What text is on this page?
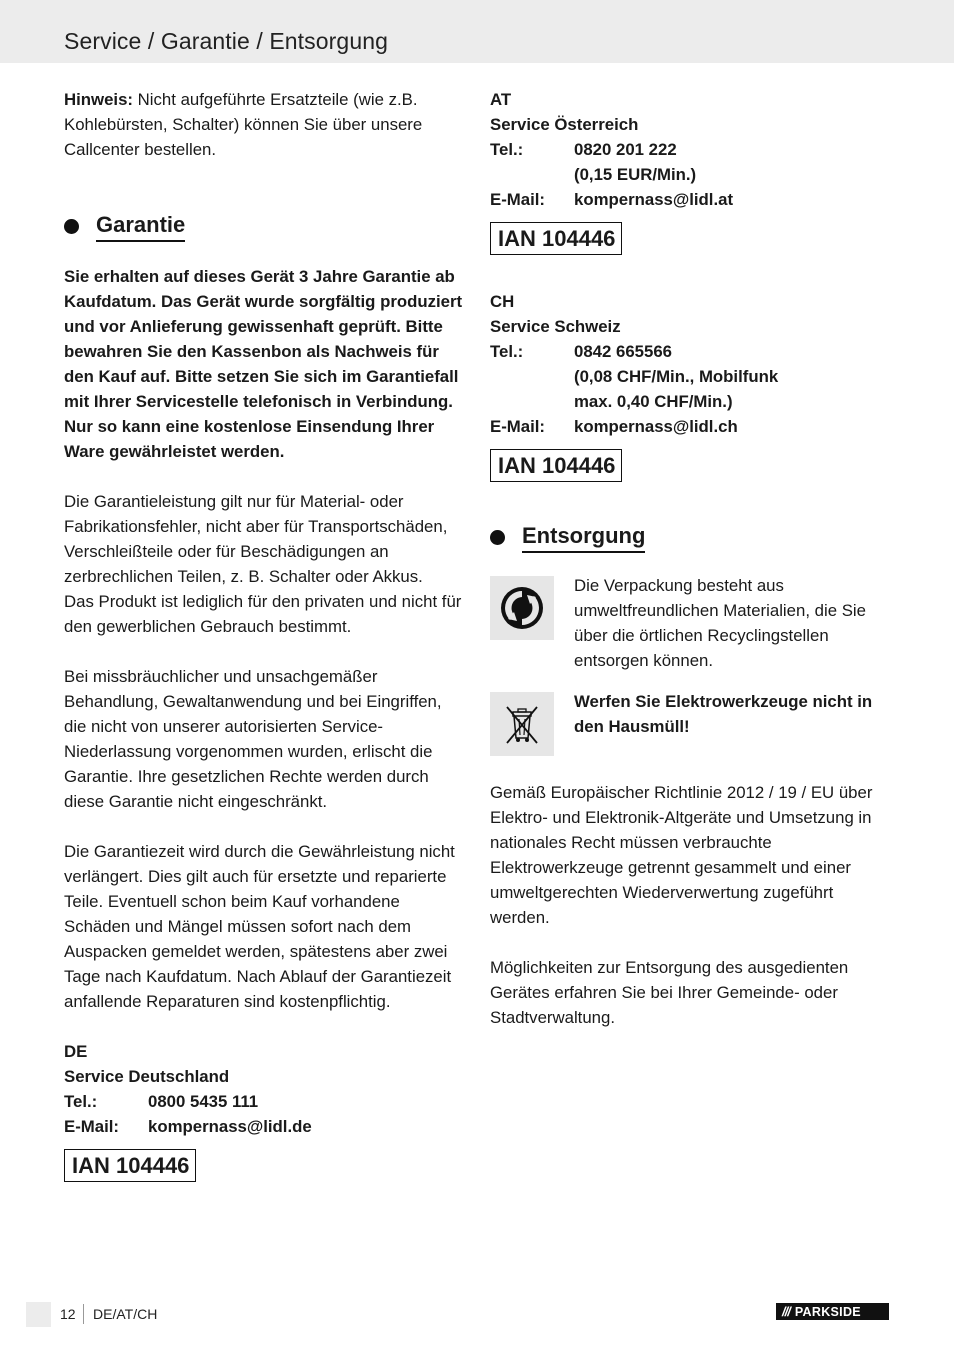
Service / Garantie / Entsorgung

Hinweis: Nicht aufgeführte Ersatzteile (wie z.B. Kohlebürsten, Schalter) können Sie über unsere Callcenter bestellen.

Garantie

Sie erhalten auf dieses Gerät 3 Jahre Garantie ab Kaufdatum. Das Gerät wurde sorgfältig produziert und vor Anlieferung gewissenhaft geprüft. Bitte bewahren Sie den Kassenbon als Nachweis für den Kauf auf. Bitte setzen Sie sich im Garantiefall mit Ihrer Servicestelle telefonisch in Verbindung. Nur so kann eine kostenlose Einsendung Ihrer Ware gewährleistet werden.

Die Garantieleistung gilt nur für Material- oder Fabrikationsfehler, nicht aber für Transportschäden, Verschleißteile oder für Beschädigungen an zerbrechlichen Teilen, z. B. Schalter oder Akkus.

Das Produkt ist lediglich für den privaten und nicht für den gewerblichen Gebrauch bestimmt.

Bei missbräuchlicher und unsachgemäßer Behandlung, Gewaltanwendung und bei Eingriffen, die nicht von unserer autorisierten Service-Niederlassung vorgenommen wurden, erlischt die Garantie. Ihre gesetzlichen Rechte werden durch diese Garantie nicht eingeschränkt.

Die Garantiezeit wird durch die Gewährleistung nicht verlängert. Dies gilt auch für ersetzte und reparierte Teile. Eventuell schon beim Kauf vorhandene Schäden und Mängel müssen sofort nach dem Auspacken gemeldet werden, spätestens aber zwei Tage nach Kaufdatum. Nach Ablauf der Garantiezeit anfallende Reparaturen sind kostenpflichtig.

DE
Service Deutschland
Tel.:	0800 5435 111
E-Mail:	kompernass@lidl.de
IAN 104446
AT
Service Österreich
Tel.:	0820 201 222
(0,15 EUR/Min.)
E-Mail:	kompernass@lidl.at
IAN 104446
CH
Service Schweiz
Tel.:	0842 665566
(0,08 CHF/Min., Mobilfunk
max. 0,40 CHF/Min.)
E-Mail:	kompernass@lidl.ch
IAN 104446
Entsorgung

Die Verpackung besteht aus umweltfreundlichen Materialien, die Sie über die örtlichen Recyclingstellen entsorgen können.

Werfen Sie Elektrowerkzeuge nicht in den Hausmüll!

Gemäß Europäischer Richtlinie 2012 / 19 / EU über Elektro- und Elektronik-Altgeräte und Umsetzung in nationales Recht müssen verbrauchte Elektrowerkzeuge getrennt gesammelt und einer umweltgerechten Wiederverwertung zugeführt werden.

Möglichkeiten zur Entsorgung des ausgedienten Gerätes erfahren Sie bei Ihrer Gemeinde- oder Stadtverwaltung.

12 DE/AT/CH	/// PARKSIDE
